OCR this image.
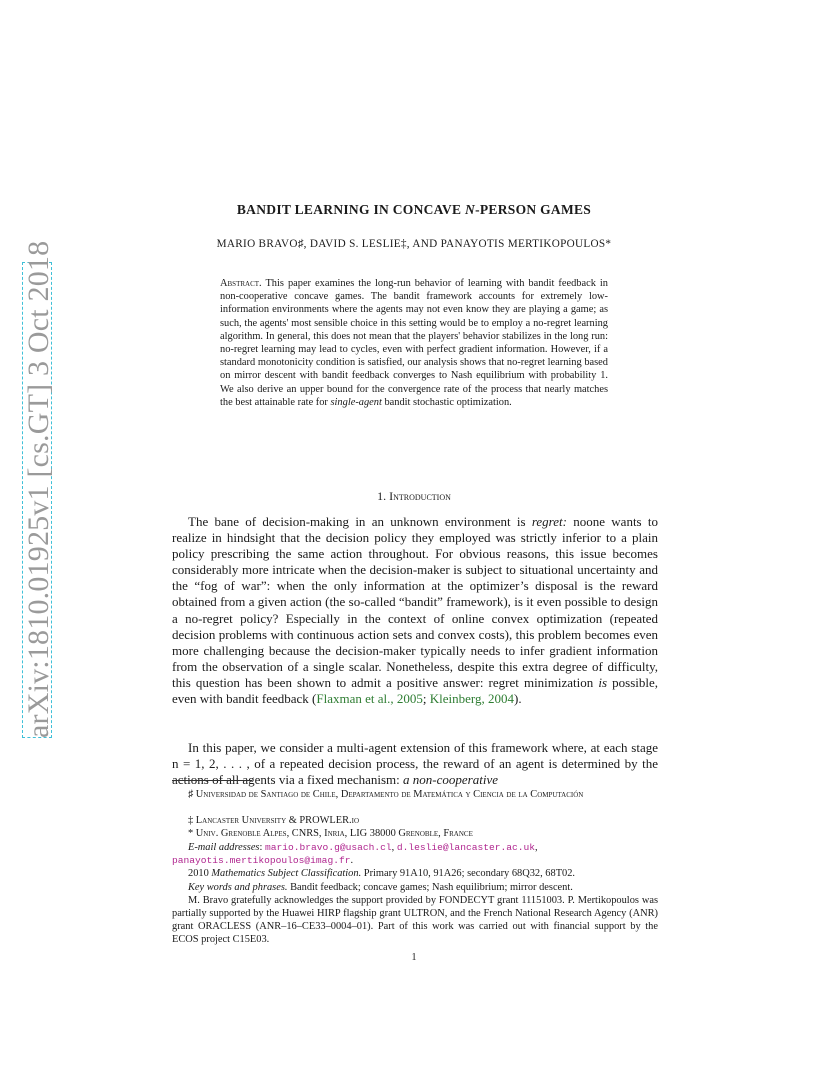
arXiv:1810.01925v1 [cs.GT] 3 Oct 2018
BANDIT LEARNING IN CONCAVE N-PERSON GAMES
MARIO BRAVO♯, DAVID S. LESLIE‡, AND PANAYOTIS MERTIKOPOULOS*
Abstract. This paper examines the long-run behavior of learning with bandit feedback in non-cooperative concave games. The bandit framework accounts for extremely low-information environments where the agents may not even know they are playing a game; as such, the agents' most sensible choice in this setting would be to employ a no-regret learning algorithm. In general, this does not mean that the players' behavior stabilizes in the long run: no-regret learning may lead to cycles, even with perfect gradient information. However, if a standard monotonicity condition is satisfied, our analysis shows that no-regret learning based on mirror descent with bandit feedback converges to Nash equilibrium with probability 1. We also derive an upper bound for the convergence rate of the process that nearly matches the best attainable rate for single-agent bandit stochastic optimization.
1. Introduction
The bane of decision-making in an unknown environment is regret: noone wants to realize in hindsight that the decision policy they employed was strictly inferior to a plain policy prescribing the same action throughout. For obvious reasons, this issue becomes considerably more intricate when the decision-maker is subject to situational uncertainty and the “fog of war”: when the only information at the optimizer’s disposal is the reward obtained from a given action (the so-called “bandit” framework), is it even possible to design a no-regret policy? Especially in the context of online convex optimization (repeated decision problems with continuous action sets and convex costs), this problem becomes even more challenging because the decision-maker typically needs to infer gradient information from the observation of a single scalar. Nonetheless, despite this extra degree of difficulty, this question has been shown to admit a positive answer: regret minimization is possible, even with bandit feedback (Flaxman et al., 2005; Kleinberg, 2004).
In this paper, we consider a multi-agent extension of this framework where, at each stage n = 1, 2, . . . , of a repeated decision process, the reward of an agent is determined by the actions of all agents via a fixed mechanism: a non-cooperative
♯ Universidad de Santiago de Chile, Departamento de Matemática y Ciencia de la Computación
‡ Lancaster University & PROWLER.io
* Univ. Grenoble Alpes, CNRS, Inria, LIG 38000 Grenoble, France
E-mail addresses: mario.bravo.g@usach.cl, d.leslie@lancaster.ac.uk,
panayotis.mertikopoulos@imag.fr.
2010 Mathematics Subject Classification. Primary 91A10, 91A26; secondary 68Q32, 68T02.
Key words and phrases. Bandit feedback; concave games; Nash equilibrium; mirror descent.
M. Bravo gratefully acknowledges the support provided by FONDECYT grant 11151003. P. Mertikopoulos was partially supported by the Huawei HIRP flagship grant ULTRON, and the French National Research Agency (ANR) grant ORACLESS (ANR–16–CE33–0004–01). Part of this work was carried out with financial support by the ECOS project C15E03.
1
